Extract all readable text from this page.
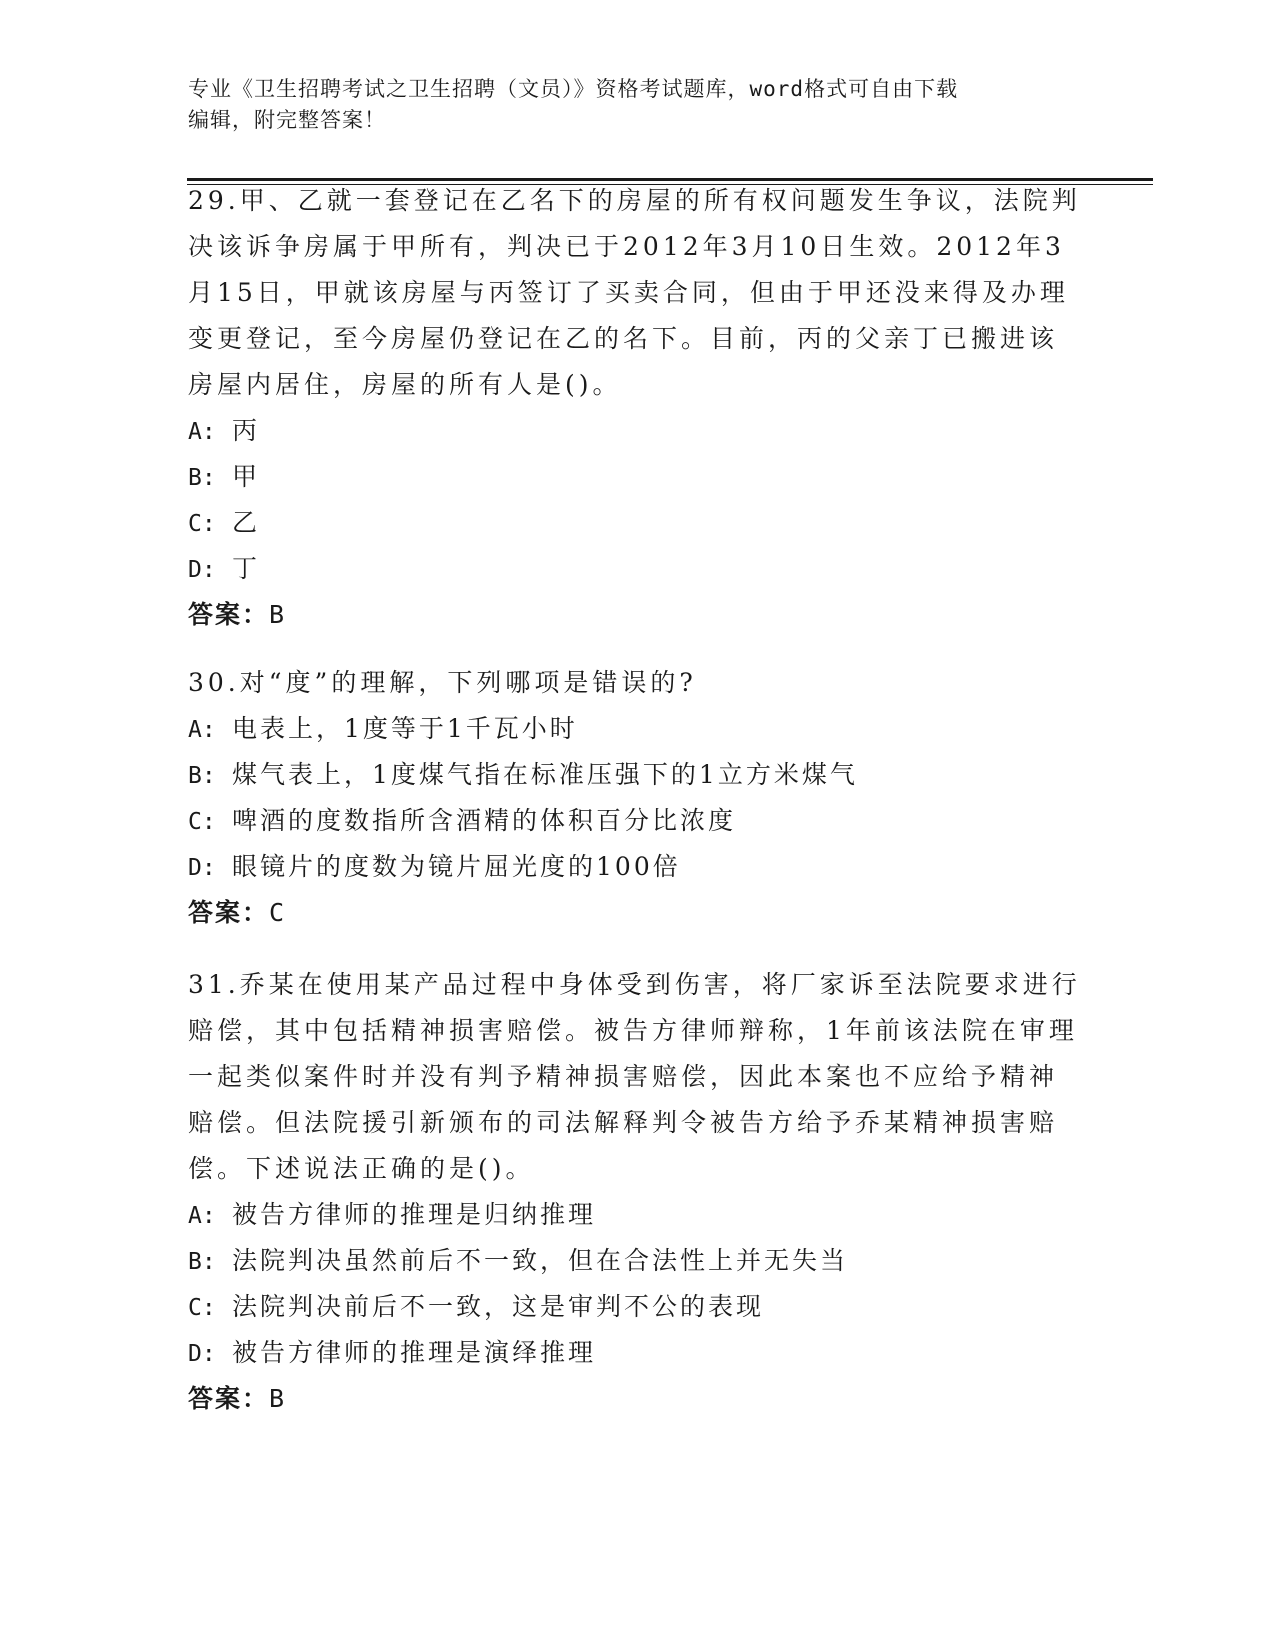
专业《卫生招聘考试之卫生招聘（文员）》资格考试题库，word格式可自由下载
编辑，附完整答案！
29.甲、乙就一套登记在乙名下的房屋的所有权问题发生争议，法院判
决该诉争房属于甲所有，判决已于2012年3月10日生效。2012年3
月15日，甲就该房屋与丙签订了买卖合同，但由于甲还没来得及办理
变更登记，至今房屋仍登记在乙的名下。目前，丙的父亲丁已搬进该
房屋内居住，房屋的所有人是()。
A: 丙
B: 甲
C: 乙
D: 丁
答案：B
30.对“度”的理解，下列哪项是错误的?
A: 电表上，1度等于1千瓦小时
B: 煤气表上，1度煤气指在标准压强下的1立方米煤气
C: 啤酒的度数指所含酒精的体积百分比浓度
D: 眼镜片的度数为镜片屈光度的100倍
答案：C
31.乔某在使用某产品过程中身体受到伤害，将厂家诉至法院要求进行
赔偿，其中包括精神损害赔偿。被告方律师辩称，1年前该法院在审理
一起类似案件时并没有判予精神损害赔偿，因此本案也不应给予精神
赔偿。但法院援引新颁布的司法解释判令被告方给予乔某精神损害赔
偿。下述说法正确的是()。
A: 被告方律师的推理是归纳推理
B: 法院判决虽然前后不一致，但在合法性上并无失当
C: 法院判决前后不一致，这是审判不公的表现
D: 被告方律师的推理是演绎推理
答案：B
